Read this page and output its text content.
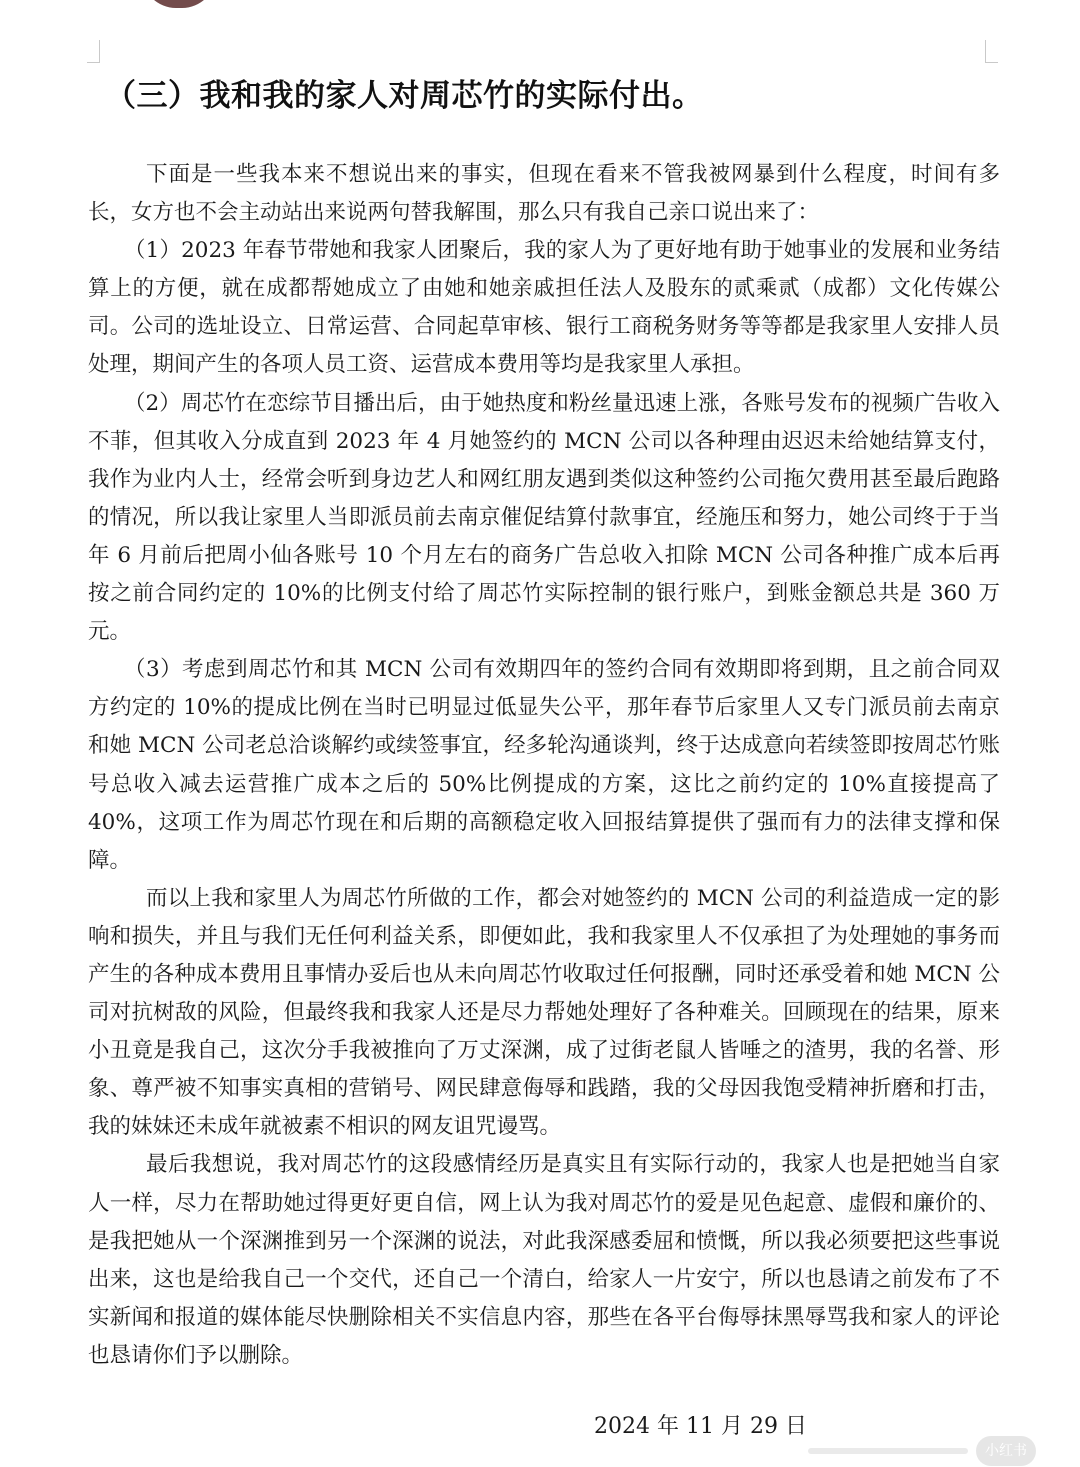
（三）我和我的家人对周芯竹的实际付出。

下面是一些我本来不想说出来的事实，但现在看来不管我被网暴到什么程度，时间有多长，女方也不会主动站出来说两句替我解围，那么只有我自己亲口说出来了：

（1）2023 年春节带她和我家人团聚后，我的家人为了更好地有助于她事业的发展和业务结算上的方便，就在成都帮她成立了由她和她亲戚担任法人及股东的贰乘贰（成都）文化传媒公司。公司的选址设立、日常运营、合同起草审核、银行工商税务财务等等都是我家里人安排人员处理，期间产生的各项人员工资、运营成本费用等均是我家里人承担。

（2）周芯竹在恋综节目播出后，由于她热度和粉丝量迅速上涨，各账号发布的视频广告收入不菲，但其收入分成直到 2023 年 4 月她签约的 MCN 公司以各种理由迟迟未给她结算支付，我作为业内人士，经常会听到身边艺人和网红朋友遇到类似这种签约公司拖欠费用甚至最后跑路的情况，所以我让家里人当即派员前去南京催促结算付款事宜，经施压和努力，她公司终于于当年 6 月前后把周小仙各账号 10 个月左右的商务广告总收入扣除 MCN 公司各种推广成本后再按之前合同约定的 10%的比例支付给了周芯竹实际控制的银行账户，到账金额总共是 360 万元。

（3）考虑到周芯竹和其 MCN 公司有效期四年的签约合同有效期即将到期，且之前合同双方约定的 10%的提成比例在当时已明显过低显失公平，那年春节后家里人又专门派员前去南京和她 MCN 公司老总洽谈解约或续签事宜，经多轮沟通谈判，终于达成意向若续签即按周芯竹账号总收入减去运营推广成本之后的 50%比例提成的方案，这比之前约定的 10%直接提高了 40%，这项工作为周芯竹现在和后期的高额稳定收入回报结算提供了强而有力的法律支撑和保障。

而以上我和家里人为周芯竹所做的工作，都会对她签约的 MCN 公司的利益造成一定的影响和损失，并且与我们无任何利益关系，即便如此，我和我家里人不仅承担了为处理她的事务而产生的各种成本费用且事情办妥后也从未向周芯竹收取过任何报酬，同时还承受着和她 MCN 公司对抗树敌的风险，但最终我和我家人还是尽力帮她处理好了各种难关。回顾现在的结果，原来小丑竟是我自己，这次分手我被推向了万丈深渊，成了过街老鼠人皆唾之的渣男，我的名誉、形象、尊严被不知事实真相的营销号、网民肆意侮辱和践踏，我的父母因我饱受精神折磨和打击，我的妹妹还未成年就被素不相识的网友诅咒谩骂。

最后我想说，我对周芯竹的这段感情经历是真实且有实际行动的，我家人也是把她当自家人一样，尽力在帮助她过得更好更自信，网上认为我对周芯竹的爱是见色起意、虚假和廉价的、是我把她从一个深渊推到另一个深渊的说法，对此我深感委屈和愤慨，所以我必须要把这些事说出来，这也是给我自己一个交代，还自己一个清白，给家人一片安宁，所以也恳请之前发布了不实新闻和报道的媒体能尽快删除相关不实信息内容，那些在各平台侮辱抹黑辱骂我和家人的评论也恳请你们予以删除。

2024 年 11 月 29 日

小红书
